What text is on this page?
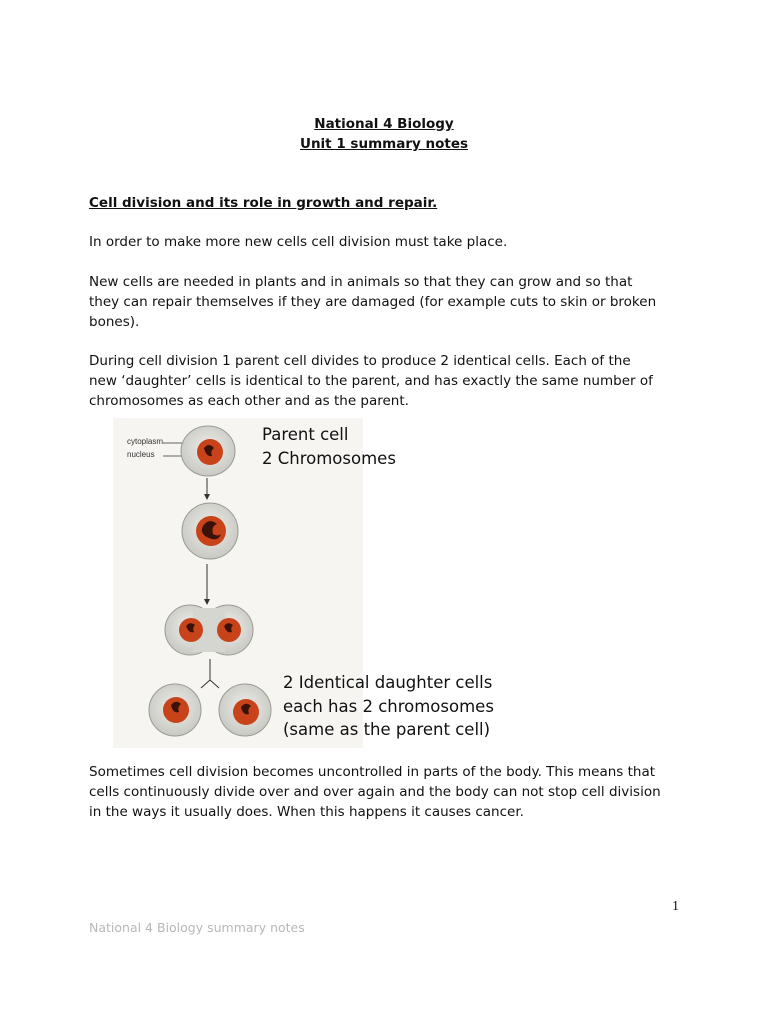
National 4 Biology
Unit 1 summary notes
Cell division and its role in growth and repair.

In order to make more new cells cell division must take place.

New cells are needed in plants and in animals so that they can grow and so that
they can repair themselves if they are damaged (for example cuts to skin or broken
bones).

During cell division 1 parent cell divides to produce 2 identical cells. Each of the
new ‘daughter’ cells is identical to the parent, and has exactly the same number of
chromosomes as each other and as the parent.

cytoplasm
nucleus
Parent cell
2 Chromosomes
2 Identical daughter cells
each has 2 chromosomes
(same as the parent cell)

Sometimes cell division becomes uncontrolled in parts of the body. This means that
cells continuously divide over and over again and the body can not stop cell division
in the ways it usually does. When this happens it causes cancer.

1
National 4 Biology summary notes
